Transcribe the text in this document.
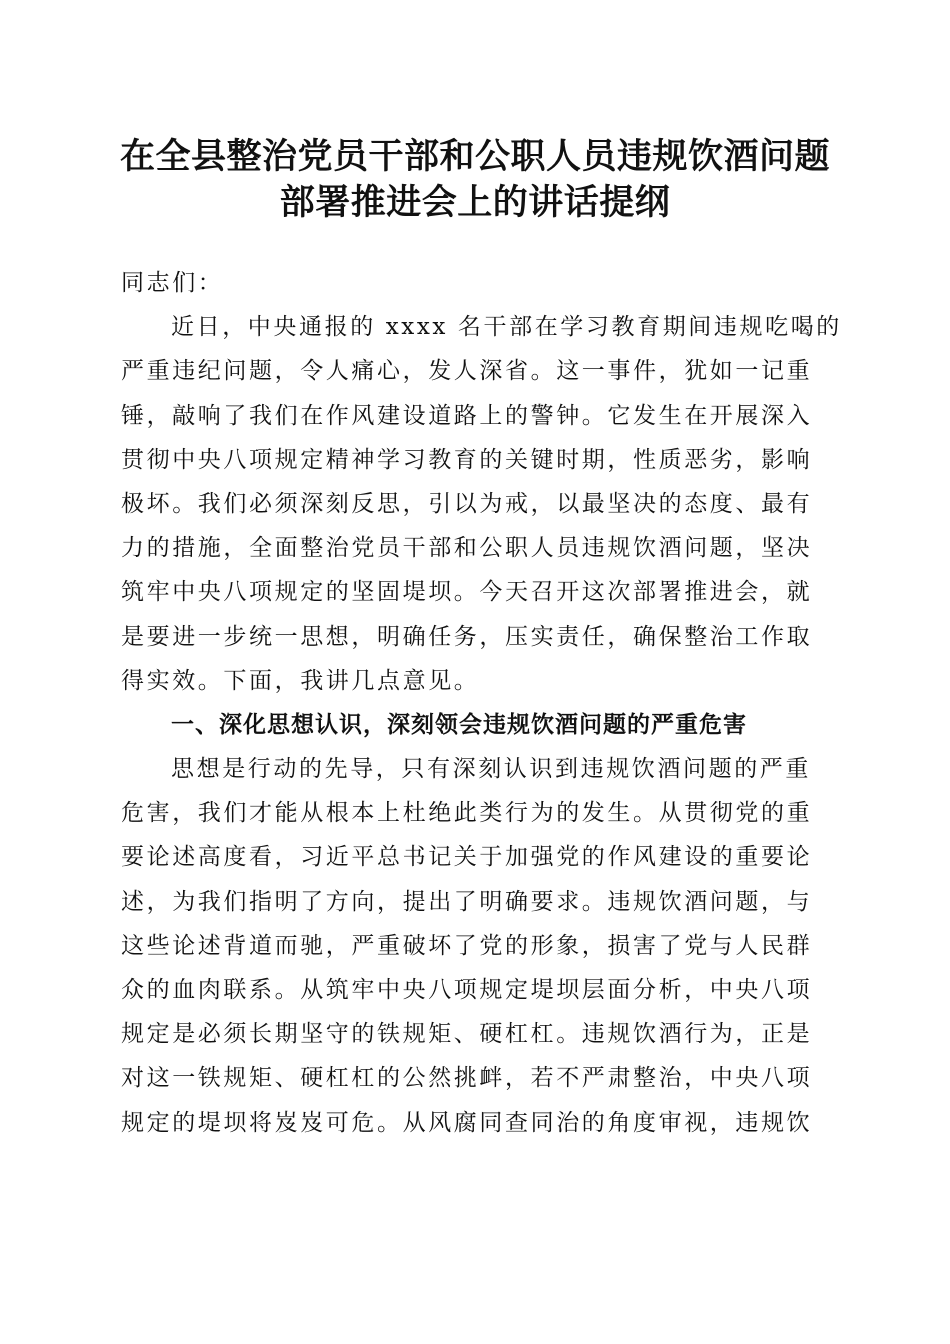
在全县整治党员干部和公职人员违规饮酒问题
部署推进会上的讲话提纲
同志们：
近日，中央通报的 xxxx 名干部在学习教育期间违规吃喝的
严重违纪问题，令人痛心，发人深省。这一事件，犹如一记重
锤，敲响了我们在作风建设道路上的警钟。它发生在开展深入
贯彻中央八项规定精神学习教育的关键时期，性质恶劣，影响
极坏。我们必须深刻反思，引以为戒，以最坚决的态度、最有
力的措施，全面整治党员干部和公职人员违规饮酒问题，坚决
筑牢中央八项规定的坚固堤坝。今天召开这次部署推进会，就
是要进一步统一思想，明确任务，压实责任，确保整治工作取
得实效。下面，我讲几点意见。
一、深化思想认识，深刻领会违规饮酒问题的严重危害
思想是行动的先导，只有深刻认识到违规饮酒问题的严重
危害，我们才能从根本上杜绝此类行为的发生。从贯彻党的重
要论述高度看，习近平总书记关于加强党的作风建设的重要论
述，为我们指明了方向，提出了明确要求。违规饮酒问题，与
这些论述背道而驰，严重破坏了党的形象，损害了党与人民群
众的血肉联系。从筑牢中央八项规定堤坝层面分析，中央八项
规定是必须长期坚守的铁规矩、硬杠杠。违规饮酒行为，正是
对这一铁规矩、硬杠杠的公然挑衅，若不严肃整治，中央八项
规定的堤坝将岌岌可危。从风腐同查同治的角度审视，违规饮
